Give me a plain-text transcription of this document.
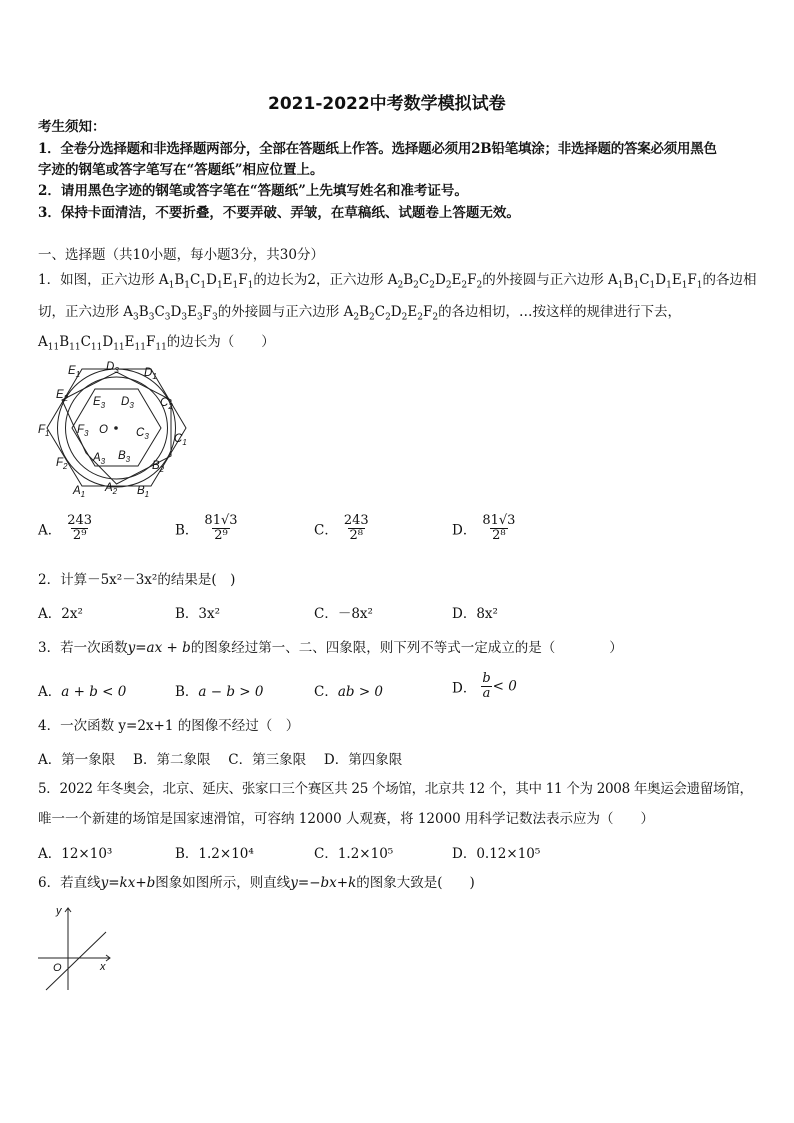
2021-2022中考数学模拟试卷
考生须知：
1．全卷分选择题和非选择题两部分，全部在答题纸上作答。选择题必须用2B铅笔填涂；非选择题的答案必须用黑色
字迹的钢笔或答字笔写在“答题纸”相应位置上。
2．请用黑色字迹的钢笔或答字笔在“答题纸”上先填写姓名和准考证号。
3．保持卡面清洁，不要折叠，不要弄破、弄皱，在草稿纸、试题卷上答题无效。
一、选择题（共10小题，每小题3分，共30分）
1．如图，正六边形 $A_1B_1C_1D_1E_1F_1$的边长为2，正六边形 $A_2B_2C_2D_2E_2F_2$的外接圆与正六边形 $A_1B_1C_1D_1E_1F_1$的各边相
切，正六边形 $A_3B_3C_3D_3E_3F_3$的外接圆与正六边形 $A_2B_2C_2D_2E_2F_2$的各边相切，…按这样的规律进行下去，
$A_{11}B_{11}C_{11}D_{11}E_{11}F_{11}$的边长为（　　）
$D_3$ $D_1$
$E_1$
$E_2$ $E_3$ $D_3$ $C_2$
$F_1$ $F_3$ O $C_3$ $C_1$
$F_2$
$A_3$ $B_3$
$B_2$
$A_1$
$A_2$ $B_1$
A． $\frac{243}{\text{2⁹}}$	B． $\frac{81√3}{\text{2⁹}}$	C． $\frac{243}{\text{2⁸}}$	D． $\frac{81√3}{\text{2⁸}}$
2．计算－5x²－3x²的结果是(　)
A．2x²	B．3x²	C．－8x²	D．8x²
3．若一次函数y=ax + b的图象经过第一、二、四象限，则下列不等式一定成立的是（　　　　）
A．a + b < 0	B．a − b > 0	C．ab > 0	D． $\frac{b}{a} < 0$
4．一次函数 y=2x+1 的图像不经过（　）
A．第一象限　 B．第二象限　 C．第三象限　 D．第四象限
5．2022 年冬奥会，北京、延庆、张家口三个赛区共 25 个场馆，北京共 12 个，其中 11 个为 2008 年奥运会遗留场馆，
唯一一个新建的场馆是国家速滑馆，可容纳 12000 人观赛，将 12000 用科学记数法表示应为（　　）
A．12×10³	B．1.2×10⁴	C．1.2×10⁵	D．0.12×10⁵
6．若直线y=kx+b图象如图所示，则直线y=−bx+k的图象大致是(　　)
y
x
O
